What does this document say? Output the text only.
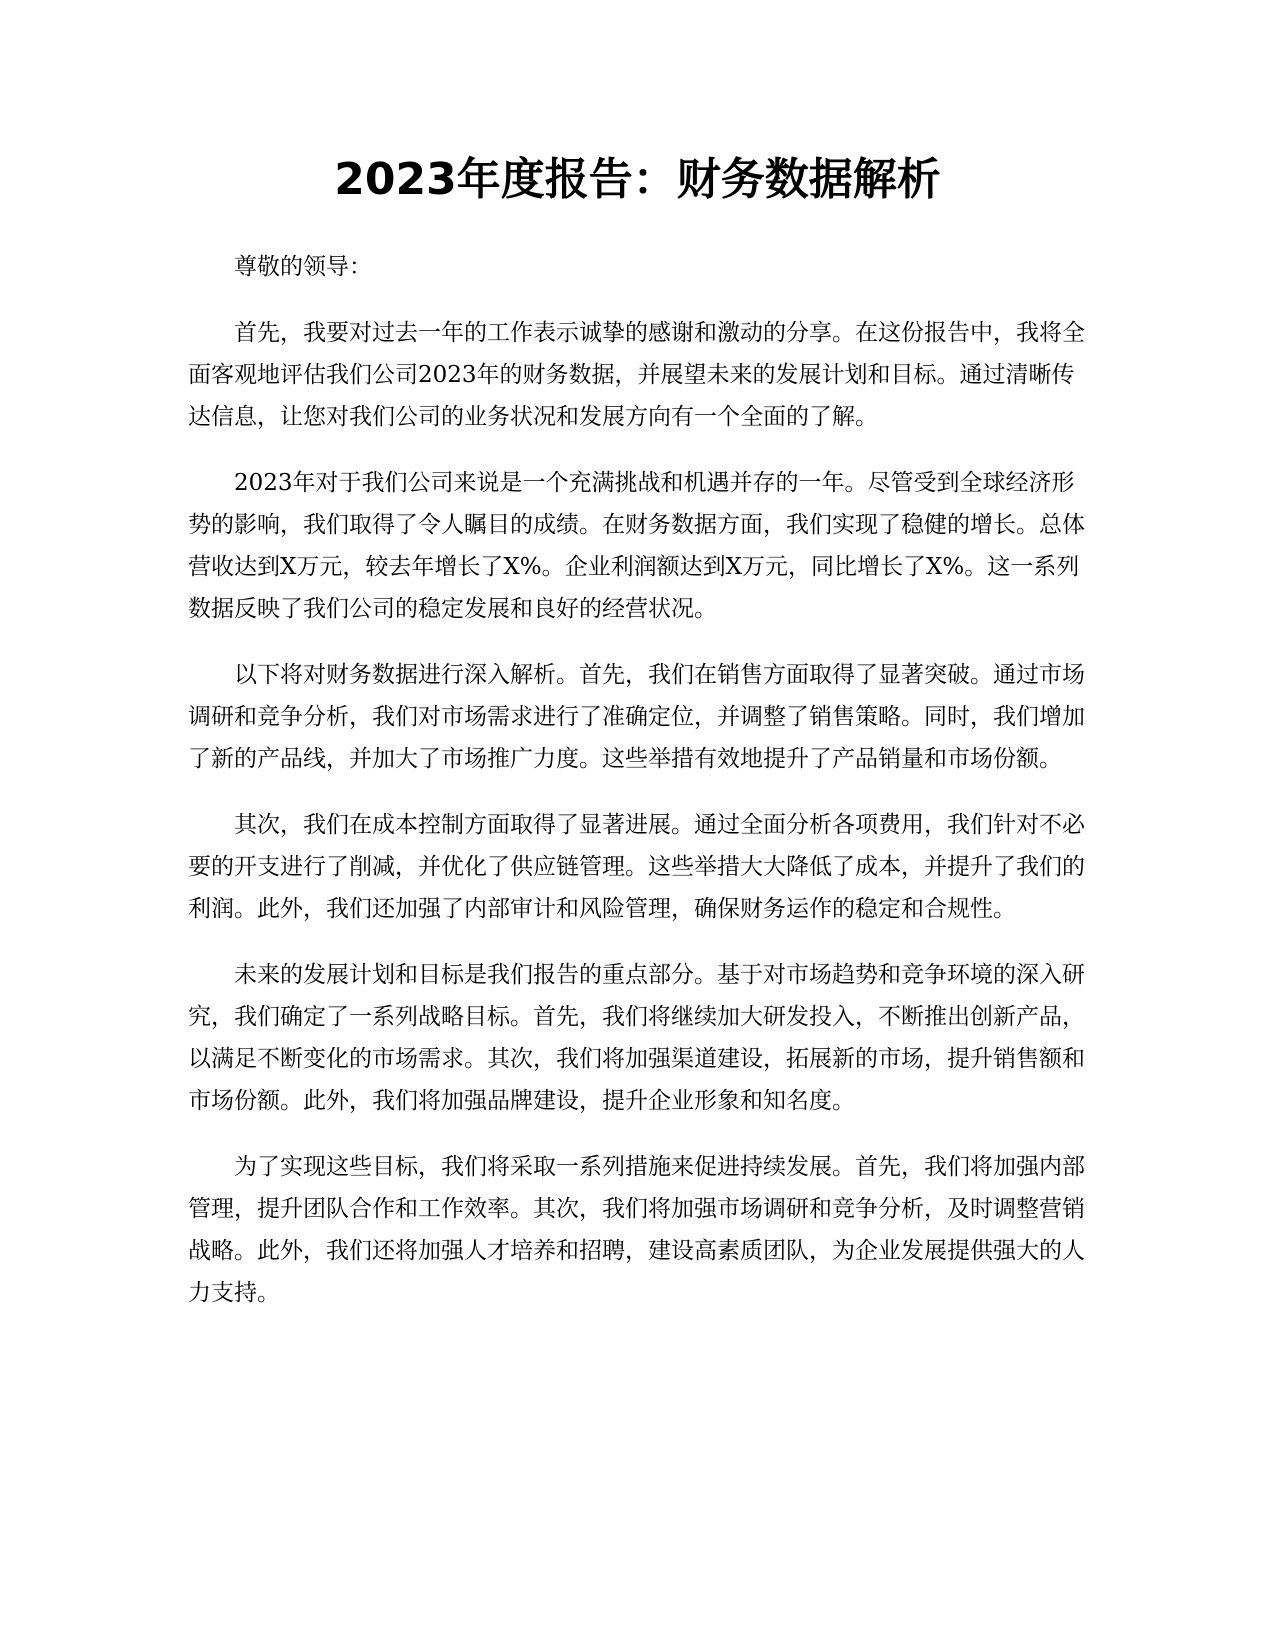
2023年度报告：财务数据解析

尊敬的领导：

首先，我要对过去一年的工作表示诚挚的感谢和激动的分享。在这份报告中，我将全面客观地评估我们公司2023年的财务数据，并展望未来的发展计划和目标。通过清晰传达信息，让您对我们公司的业务状况和发展方向有一个全面的了解。

2023年对于我们公司来说是一个充满挑战和机遇并存的一年。尽管受到全球经济形势的影响，我们取得了令人瞩目的成绩。在财务数据方面，我们实现了稳健的增长。总体营收达到X万元，较去年增长了X%。企业利润额达到X万元，同比增长了X%。这一系列数据反映了我们公司的稳定发展和良好的经营状况。

以下将对财务数据进行深入解析。首先，我们在销售方面取得了显著突破。通过市场调研和竞争分析，我们对市场需求进行了准确定位，并调整了销售策略。同时，我们增加了新的产品线，并加大了市场推广力度。这些举措有效地提升了产品销量和市场份额。

其次，我们在成本控制方面取得了显著进展。通过全面分析各项费用，我们针对不必要的开支进行了削减，并优化了供应链管理。这些举措大大降低了成本，并提升了我们的利润。此外，我们还加强了内部审计和风险管理，确保财务运作的稳定和合规性。

未来的发展计划和目标是我们报告的重点部分。基于对市场趋势和竞争环境的深入研究，我们确定了一系列战略目标。首先，我们将继续加大研发投入，不断推出创新产品，以满足不断变化的市场需求。其次，我们将加强渠道建设，拓展新的市场，提升销售额和市场份额。此外，我们将加强品牌建设，提升企业形象和知名度。

为了实现这些目标，我们将采取一系列措施来促进持续发展。首先，我们将加强内部管理，提升团队合作和工作效率。其次，我们将加强市场调研和竞争分析，及时调整营销战略。此外，我们还将加强人才培养和招聘，建设高素质团队，为企业发展提供强大的人力支持。
